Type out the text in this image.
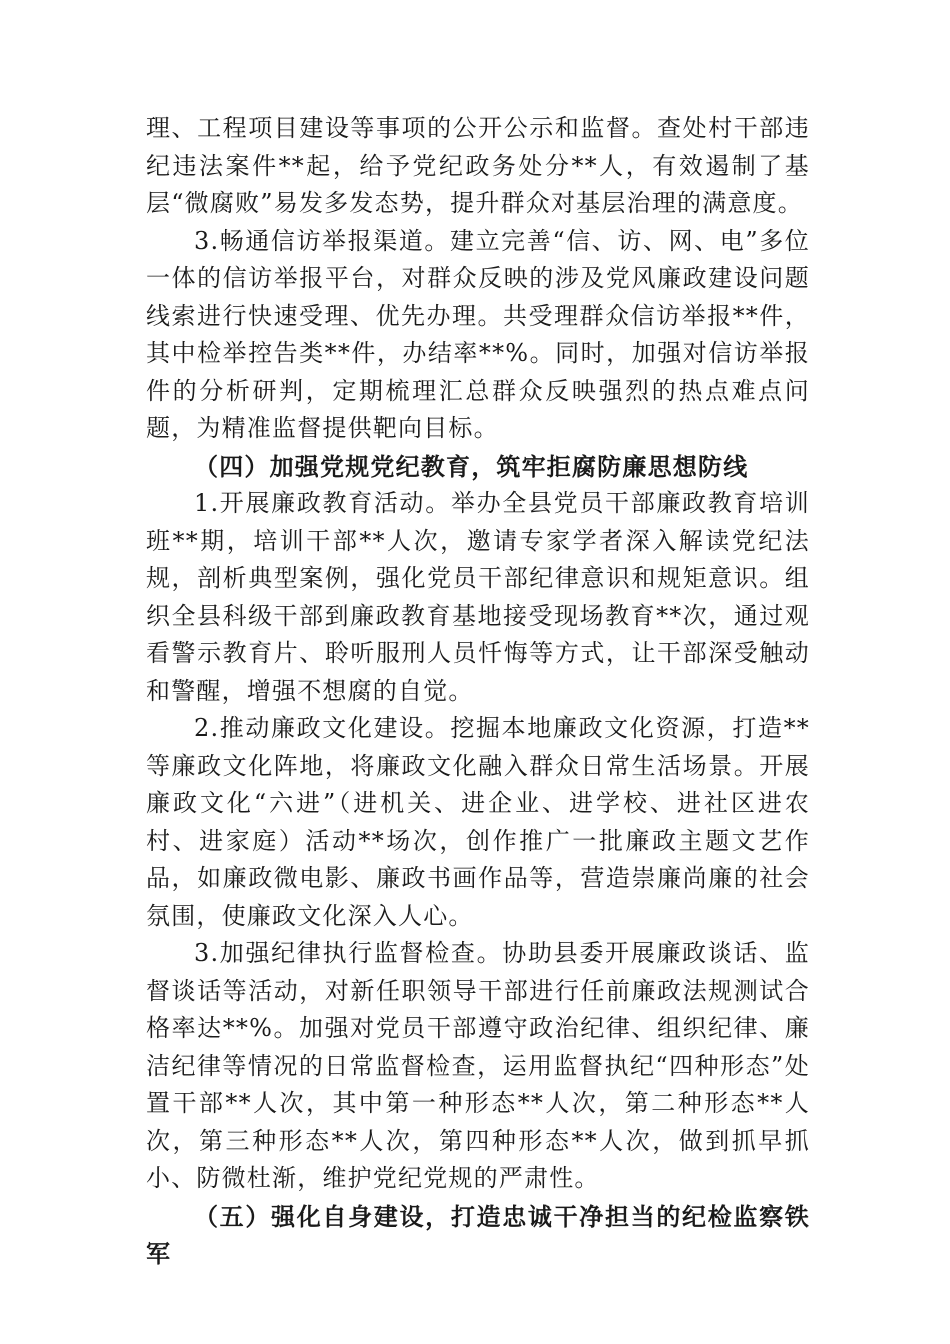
理、工程项目建设等事项的公开公示和监督。查处村干部违纪违法案件**起，给予党纪政务处分**人，有效遏制了基层“微腐败”易发多发态势，提升群众对基层治理的满意度。

3.畅通信访举报渠道。建立完善“信、访、网、电”多位一体的信访举报平台，对群众反映的涉及党风廉政建设问题线索进行快速受理、优先办理。共受理群众信访举报**件，其中检举控告类**件，办结率**%。同时，加强对信访举报件的分析研判，定期梳理汇总群众反映强烈的热点难点问题，为精准监督提供靶向目标。

（四）加强党规党纪教育，筑牢拒腐防廉思想防线

1.开展廉政教育活动。举办全县党员干部廉政教育培训班**期，培训干部**人次，邀请专家学者深入解读党纪法规，剖析典型案例，强化党员干部纪律意识和规矩意识。组织全县科级干部到廉政教育基地接受现场教育**次，通过观看警示教育片、聆听服刑人员忏悔等方式，让干部深受触动和警醒，增强不想腐的自觉。

2.推动廉政文化建设。挖掘本地廉政文化资源，打造**等廉政文化阵地，将廉政文化融入群众日常生活场景。开展廉政文化“六进”（进机关、进企业、进学校、进社区进农村、进家庭）活动**场次，创作推广一批廉政主题文艺作品，如廉政微电影、廉政书画作品等，营造崇廉尚廉的社会氛围，使廉政文化深入人心。

3.加强纪律执行监督检查。协助县委开展廉政谈话、监督谈话等活动，对新任职领导干部进行任前廉政法规测试合格率达**%。加强对党员干部遵守政治纪律、组织纪律、廉洁纪律等情况的日常监督检查，运用监督执纪“四种形态”处置干部**人次，其中第一种形态**人次，第二种形态**人次，第三种形态**人次，第四种形态**人次，做到抓早抓小、防微杜渐，维护党纪党规的严肃性。

（五）强化自身建设，打造忠诚干净担当的纪检监察铁军
